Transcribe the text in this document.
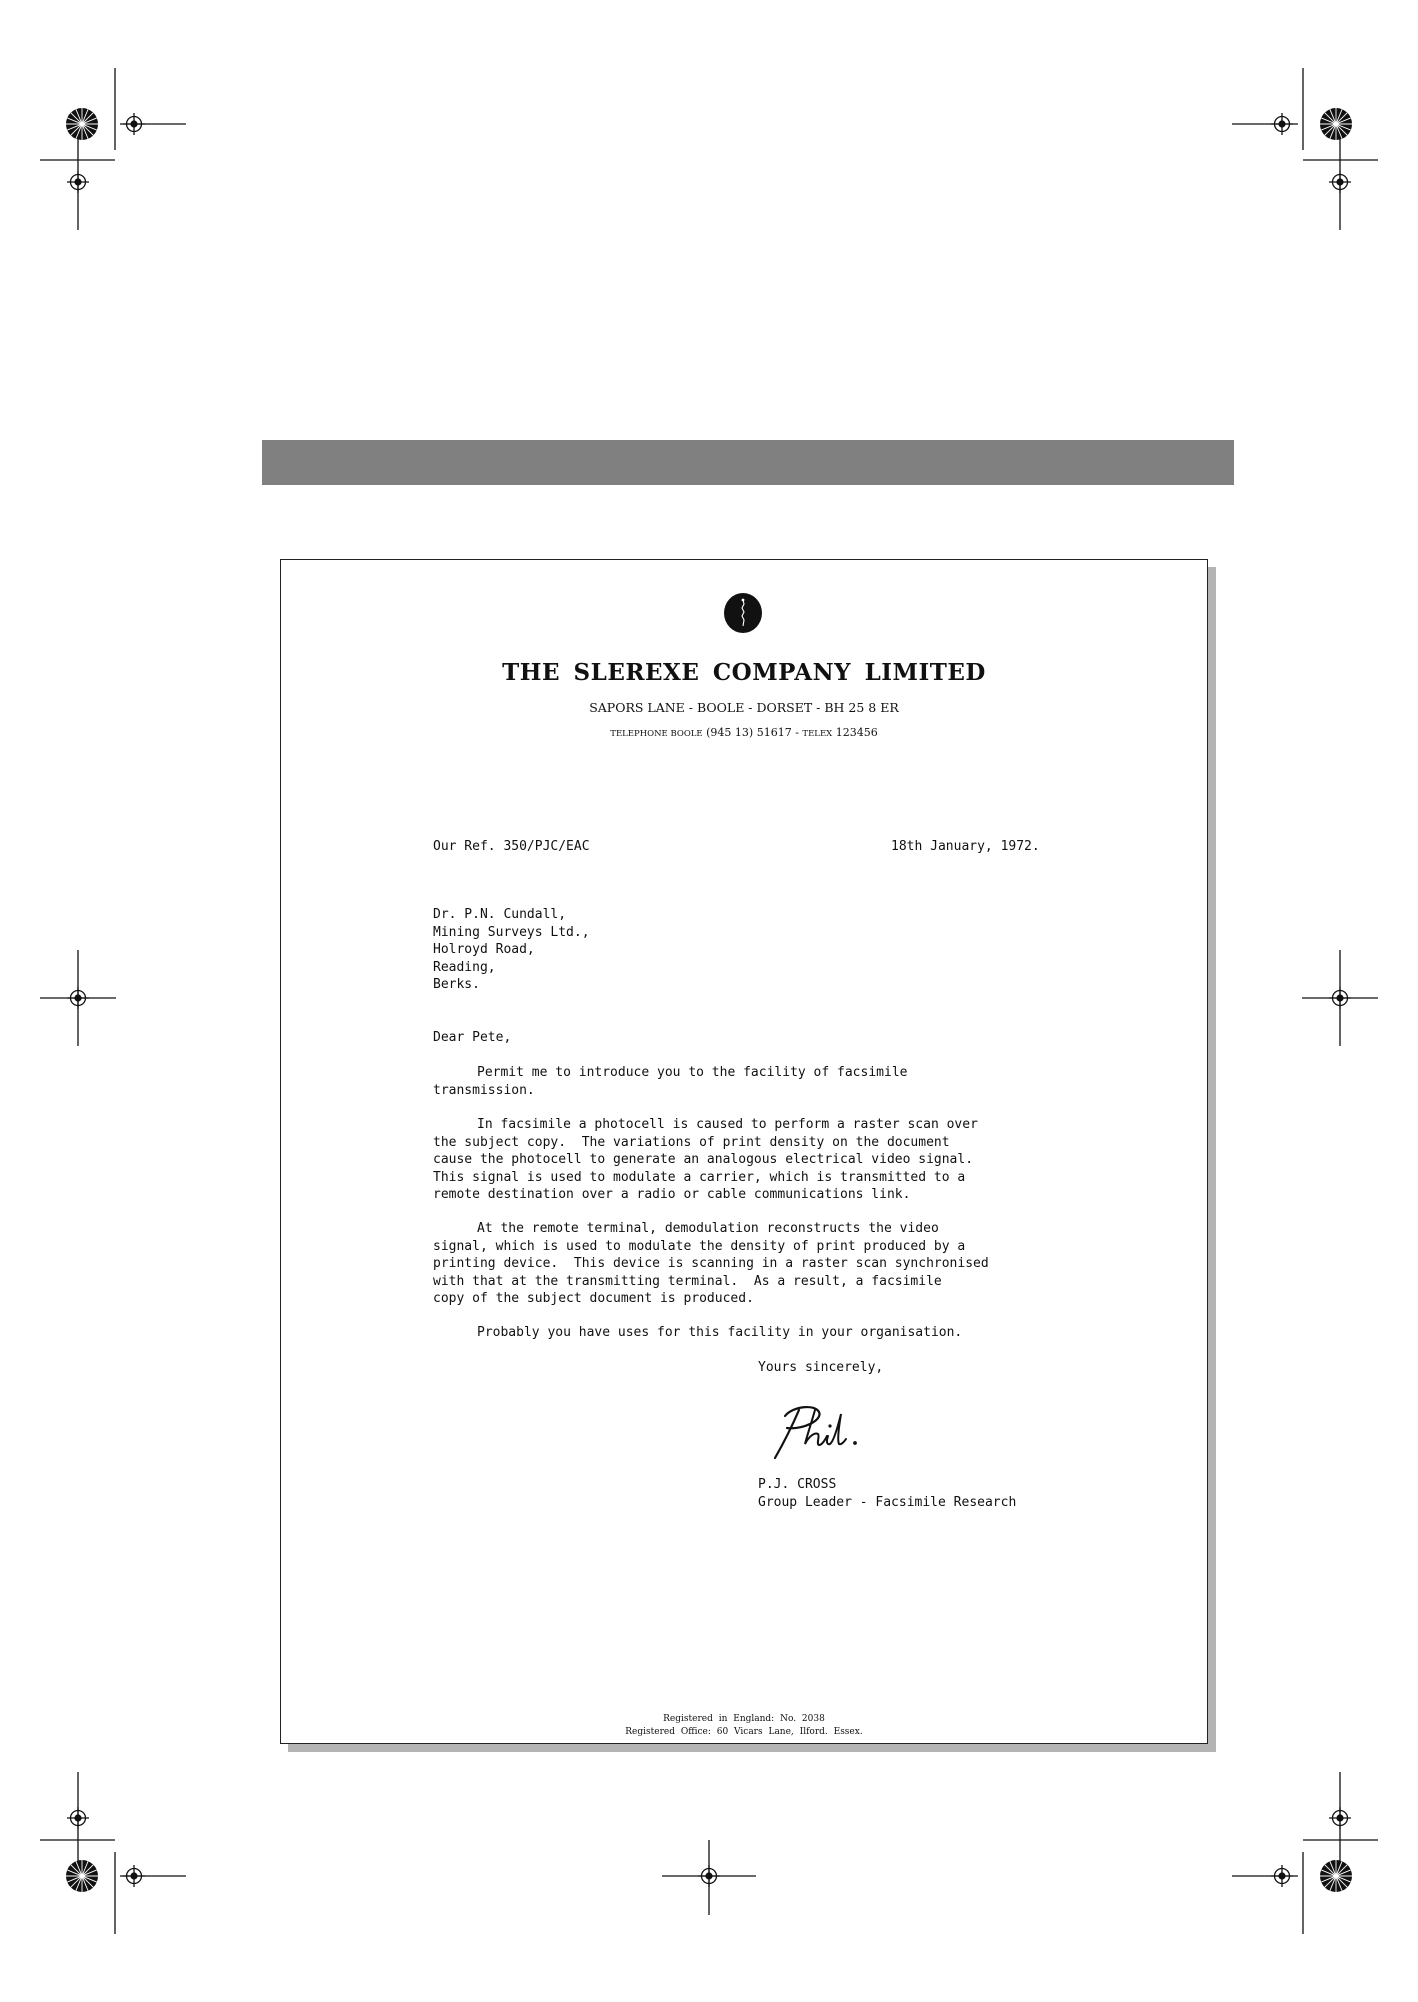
THE SLEREXE COMPANY LIMITED
SAPORS LANE - BOOLE - DORSET - BH 25 8 ER
TELEPHONE BOOLE (945 13) 51617 - TELEX 123456
Our Ref. 350/PJC/EAC	18th January, 1972.
Dr. P.N. Cundall,
Mining Surveys Ltd.,
Holroyd Road,
Reading,
Berks.
Dear Pete,
Permit me to introduce you to the facility of facsimile
transmission.
In facsimile a photocell is caused to perform a raster scan over
the subject copy.  The variations of print density on the document
cause the photocell to generate an analogous electrical video signal.
This signal is used to modulate a carrier, which is transmitted to a
remote destination over a radio or cable communications link.
At the remote terminal, demodulation reconstructs the video
signal, which is used to modulate the density of print produced by a
printing device.  This device is scanning in a raster scan synchronised
with that at the transmitting terminal.  As a result, a facsimile
copy of the subject document is produced.
Probably you have uses for this facility in your organisation.
Yours sincerely,
P.J. CROSS
Group Leader - Facsimile Research
Registered in England: No. 2038
Registered Office: 60 Vicars Lane, Ilford. Essex.
